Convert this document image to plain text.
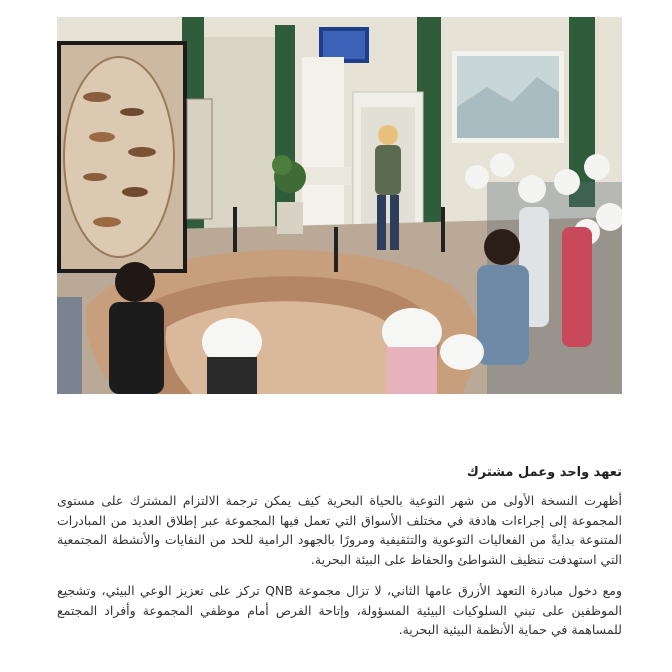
تعهد واحد وعمل مشترك

أظهرت النسخة الأولى من شهر التوعية بالحياة البحرية كيف يمكن ترجمة الالتزام المشترك على مستوى المجموعة إلى إجراءات هادفة في مختلف الأسواق التي تعمل فيها المجموعة عبر إطلاق العديد من المبادرات المتنوعة بدايةً من الفعاليات التوعوية والتثقيفية ومرورًا بالجهود الرامية للحد من النفايات والأنشطة المجتمعية التي استهدفت تنظيف الشواطئ والحفاظ على البيئة البحرية.

ومع دخول مبادرة التعهد الأزرق عامها الثاني، لا تزال مجموعة QNB تركز على تعزيز الوعي البيئي، وتشجيع الموظفين على تبني السلوكيات البيئية المسؤولة، وإتاحة الفرص أمام موظفي المجموعة وأفراد المجتمع للمساهمة في حماية الأنظمة البيئية البحرية.
